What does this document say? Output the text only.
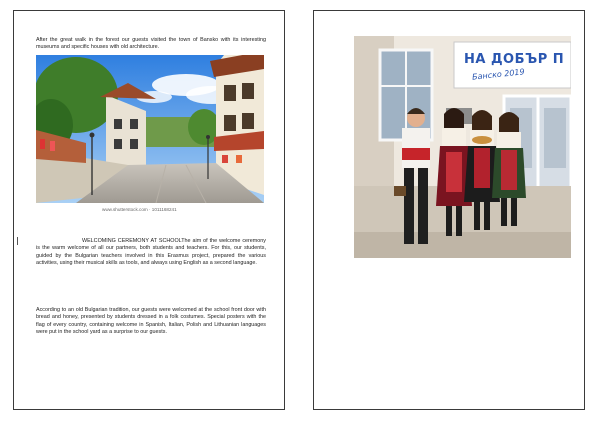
After the great walk in the forest our guests visited the town of Bansko with its interesting museums and specific houses with old architecture.
www.shutterstock.com · 1011168241
WELCOMING CEREMONY AT SCHOOLThe aim of the welcome ceremony is the warm welcome of all our partners, both students and teachers. For this, our students, guided by the Bulgarian teachers involved in this Erasmus project, prepared the various activities, using their musical skills as tools, and always using English as a second language.
According to an old Bulgarian tradition, our guests were welcomed at the school front door with bread and honey, presented by students dressed in a folk costumes. Special posters with the flag of every country, containing welcome in Spanish, Italian, Polish and Lithuanian languages were put in the school yard as a surprise to our guests.
НА ДОБЪР П
Банско 2019
